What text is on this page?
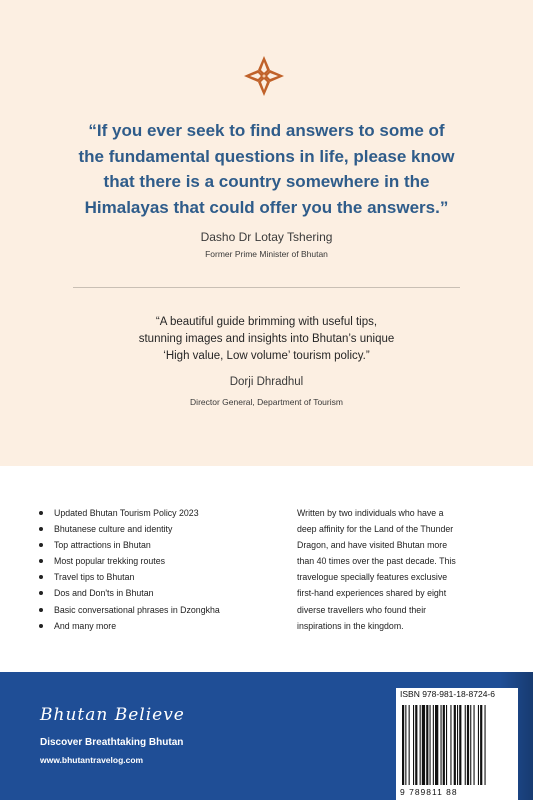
“If you ever seek to find answers to some of
the fundamental questions in life, please know
that there is a country somewhere in the
Himalayas that could offer you the answers.”
Dasho Dr Lotay Tshering
Former Prime Minister of Bhutan
“A beautiful guide brimming with useful tips,
stunning images and insights into Bhutan’s unique
‘High value, Low volume’ tourism policy.”
Dorji Dhradhul
Director General, Department of Tourism
Updated Bhutan Tourism Policy 2023
Bhutanese culture and identity
Top attractions in Bhutan
Most popular trekking routes
Travel tips to Bhutan
Dos and Don'ts in Bhutan
Basic conversational phrases in Dzongkha
And many more
Written by two individuals who have a
deep affinity for the Land of the Thunder
Dragon, and have visited Bhutan more
than 40 times over the past decade. This
travelogue specially features exclusive
first-hand experiences shared by eight
diverse travellers who found their
inspirations in the kingdom.
Bhutan Believe
Discover Breathtaking Bhutan
www.bhutantravelog.com
ISBN 978-981-18-8724-6
9 789811 88
